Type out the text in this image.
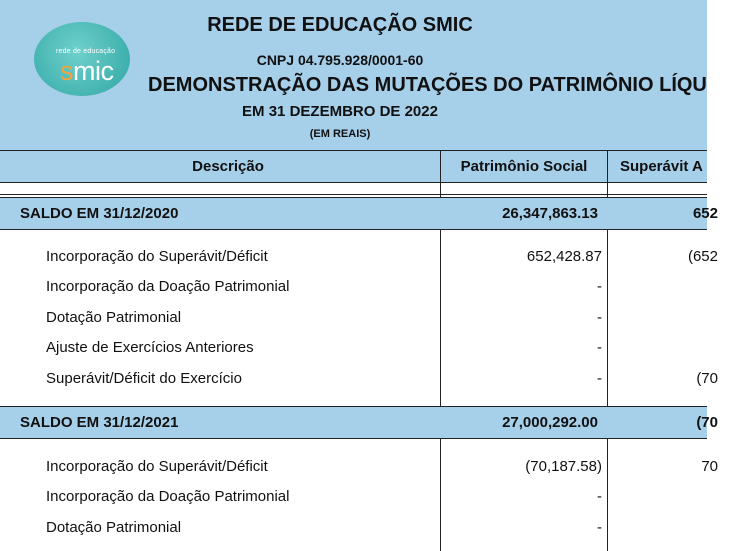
rede de educação
smic
REDE DE EDUCAÇÃO SMIC
CNPJ 04.795.928/0001-60
DEMONSTRAÇÃO DAS MUTAÇÕES DO PATRIMÔNIO LÍQU
EM 31 DEZEMBRO DE 2022
(EM REAIS)
Descrição	Patrimônio Social	Superávit A
SALDO EM 31/12/2020	26,347,863.13	652
Incorporação do Superávit/Déficit	652,428.87	(652
Incorporação da Doação Patrimonial	-
Dotação Patrimonial	-
Ajuste de Exercícios Anteriores	-
Superávit/Déficit do Exercício	-	(70
SALDO EM 31/12/2021	27,000,292.00	(70
Incorporação do Superávit/Déficit	(70,187.58)	70
Incorporação da Doação Patrimonial	-
Dotação Patrimonial	-
